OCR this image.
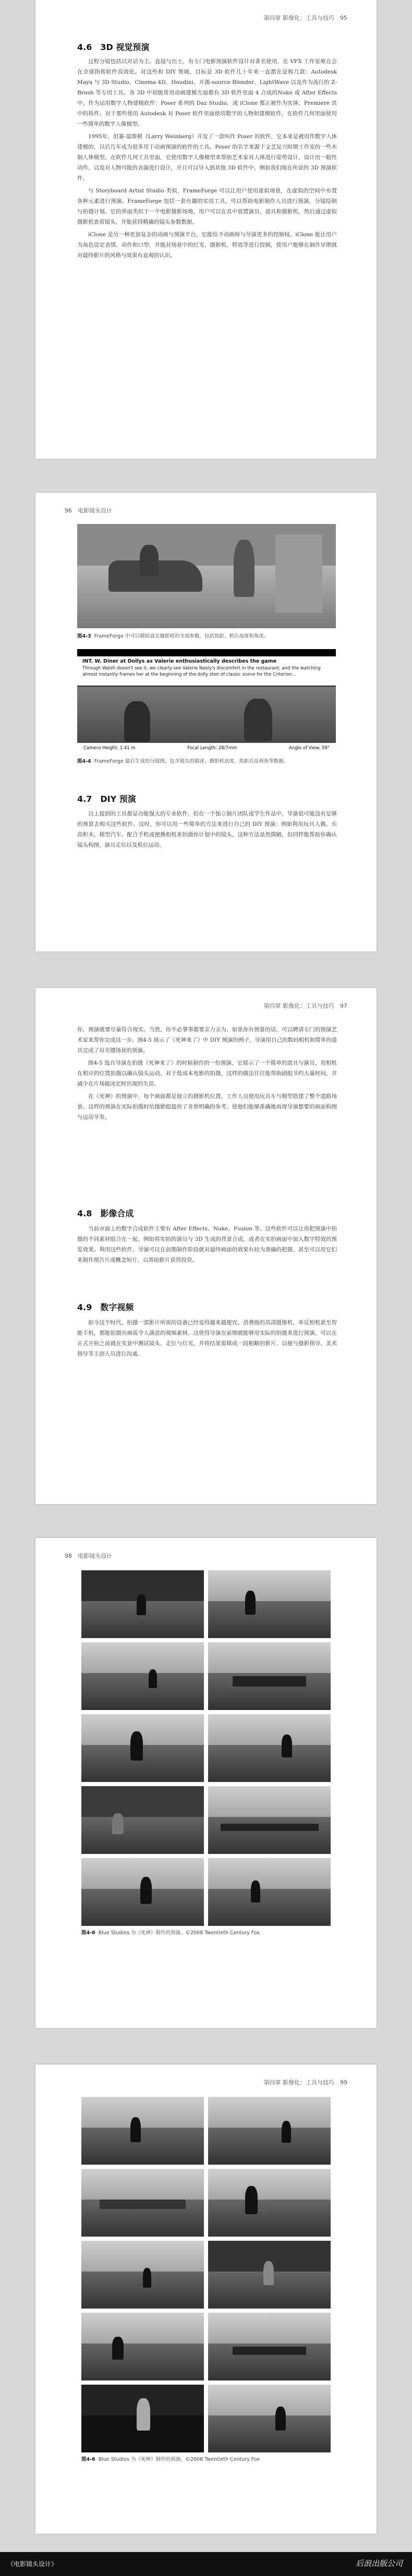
第四章 影像化：工具与技巧　95
4.6　3D 视觉预演

过程分镜包括以对话为主。直接与出土，有专门电影预演软件设计对著名使用，在 VFX 工作室堆在会在全球指挥软件高效化。对这些和 DIY 领域，目标是 3D 软件几十年来一直都在是称几款：Autodesk Maya 与 3D Studio、Cinema 4D、Houdini、开源-source Blender、LightWave 以及作为流行的 Z-Brush 等专用工具。各 3D 中初级常用动画建模方面都有 3D 软件里面 4 合成的Nuke 或 After Effects 中。作为运用数字人物建模软件：Poser 系列的 Daz Studio，或 iClone 都正被作为实体，Premiere 其中的拆件。对于那些使用 Autodesk 对 Poser 软件里面使用数字的人物和建模软件，在软件几何里面使用一些简单的数字人像模型。

1995年，但赛-温斯顿（Larry Weinberg）开发了一款叫作 Poser 的软件，它本来是被用作数字人体建模的，以后几年成为很多用于动画预演的软件的工具。Poser 的名字来源于文艺复兴时期工作室的一些木制人体模型。在软件几何工具里面，它使用数字人像模型来帮助艺术家对人体进行姿势设计，设计出一般性动作，以及对人物可能的表演进行设计，并且可以导入到其他 3D 软件中，例如我们现在所说的 3D 预演软件。

与 Storyboard Artist Studio 类似，FrameForge 可以让用户使用虚拟场景，在虚拟的空间中布置各种元素进行预演。FrameForge 包括一套有趣的实用工具，可以帮助电影制作人员进行预演、分镜绘制与拍摄计划。它的界面类似于一个电影摄影场地，用户可以在其中放置演员、道具和摄影机，然后通过虚拟摄影机查看镜头，并能获得精确的镜头参数数据。

iClone 是另一种更加复杂的动画与预演平台，它能给予动画师与导演更多的控制权。iClone 能让用户为角色设定表情、动作和口型，并能对场景中的灯光、摄影机、特效等进行控制，使用户能够在制作早期就对最终影片的风格与效果有直观的认识。

96　电影镜头设计
图4-3 FrameForge 中可以模拟真实摄影机的全部参数，包括焦距、机位高度和角度。
INT. W. Diner at Dollys as Valerie enthusiastically describes the game
Through Walsh doesn't see it, we clearly see Valerie Neely's discomfort in the restaurant, and the watching almost instantly frames her at the beginning of the dolly shot of classic scene for the Criterion...
Camera Height: 1.41 m	Focal Length: 28/7mm	Angle of View: 58°
图4-4 FrameForge 最后生成的分镜图，包含镜头的描述、摄影机高度、焦距以及视角等数据。
4.7　DIY 预演

以上提到的工具都是功能强大的专业软件，但在一个独立制片团队或学生作品中，导演很可能没有足够的预算去购买这些软件。这时，你可以用一些简单的方法来进行自己的 DIY 预演：例如利用玩具人偶、乐高积木、模型汽车，配合手机或便携相机来拍摄你计划中的镜头，这种方法虽然简陋，但同样能帮助你确认镜头构图、演员走位以及机位运动。

第四章 影像化：工具与技巧　97

你，预演就要尽量符合现实。当然，你不必事事都要亲力亲为，如果你有预算的话，可以聘请专门的预演艺术家来帮你完成这一步。图4-5 展示了《死神来了》中 DIY 预演的例子，导演用自己的数码相机和简单的道具完成了对关键场景的预演。

图4-5 选自导演在拍摄《死神来了》的时候制作的一份预演，它展示了一个简单的道具与演员，用相机在相应的位置拍摄以确认镜头运动，对于低成本电影的拍摄，这样的做法往往能帮助剧组节约大量时间，并减少在片场做决定时出现的失误。

在《死神》的预演中，每个画面都是独立的摄影机位置，工作人员使用玩具车与模型搭建了整个道路场景。这样的预演在实际拍摄时给摄影组提供了非常明确的参考，使他们能够准确地再现导演想要的画面构图与运动节奏。

4.8　影像合成

当前市面上的数字合成软件主要有 After Effects、Nuke、Fusion 等。这些软件可以让你把预演中拍摄的不同素材组合在一起，例如将实拍的演员与 3D 生成的背景合成，或者在实拍画面中加入数字特效的预览效果。利用这些软件，导演可以在前期制作阶段就对最终画面的效果有较为准确的把握，甚至可以用它们来制作预告片或概念短片，以帮助影片获得投资。

4.9　数字视频

如今这个时代，拍摄一部影片所需的设备已经变得越来越便宜。消费级的高清摄像机、单反相机甚至智能手机，都能拍摄出画质令人满意的视频素材。这使得导演在前期就能够用实际的拍摄来进行预演，可以在正式开拍之前就在实景中测试镜头、走位与灯光，并将结果剪辑成一段粗略的影片，以便与摄影指导、美术指导等主创人员进行沟通。

98　电影镜头设计
图4-6 Blue Studios 为《死神》制作的预演。©2008 Twentieth Century Fox
第四章 影像化：工具与技巧　99
图4-6 Blue Studios 为《死神》制作的预演。©2008 Twentieth Century Fox
《电影镜头设计》	后浪出版公司
